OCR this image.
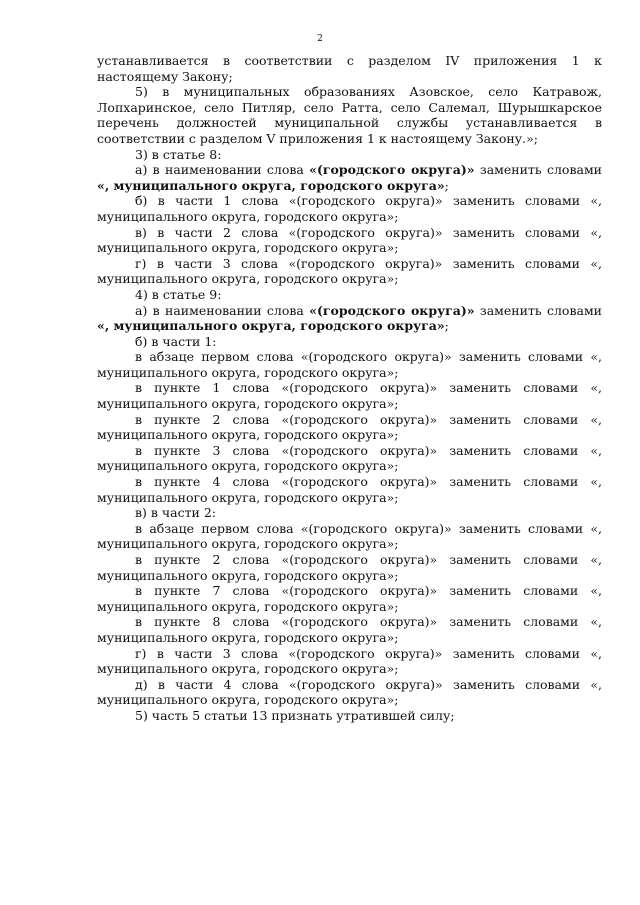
2

устанавливается в соответствии с разделом IV приложения 1 к настоящему Закону;

5) в муниципальных образованиях Азовское, село Катравож, Лопхаринское, село Питляр, село Ратта, село Салемал, Шурышкарское перечень должностей муниципальной службы устанавливается в соответствии с разделом V приложения 1 к настоящему Закону.»;

3) в статье 8:

а) в наименовании слова «(городского округа)» заменить словами «, муниципального округа, городского округа»;

б) в части 1 слова «(городского округа)» заменить словами «, муниципального округа, городского округа»;

в) в части 2 слова «(городского округа)» заменить словами «, муниципального округа, городского округа»;

г) в части 3 слова «(городского округа)» заменить словами «, муниципального округа, городского округа»;

4) в статье 9:

а) в наименовании слова «(городского округа)» заменить словами «, муниципального округа, городского округа»;

б) в части 1:

в абзаце первом слова «(городского округа)» заменить словами «, муниципального округа, городского округа»;

в пункте 1 слова «(городского округа)» заменить словами «, муниципального округа, городского округа»;

в пункте 2 слова «(городского округа)» заменить словами «, муниципального округа, городского округа»;

в пункте 3 слова «(городского округа)» заменить словами «, муниципального округа, городского округа»;

в пункте 4 слова «(городского округа)» заменить словами «, муниципального округа, городского округа»;

в) в части 2:

в абзаце первом слова «(городского округа)» заменить словами «, муниципального округа, городского округа»;

в пункте 2 слова «(городского округа)» заменить словами «, муниципального округа, городского округа»;

в пункте 7 слова «(городского округа)» заменить словами «, муниципального округа, городского округа»;

в пункте 8 слова «(городского округа)» заменить словами «, муниципального округа, городского округа»;

г) в части 3 слова «(городского округа)» заменить словами «, муниципального округа, городского округа»;

д) в части 4 слова «(городского округа)» заменить словами «, муниципального округа, городского округа»;

5) часть 5 статьи 13 признать утратившей силу;
